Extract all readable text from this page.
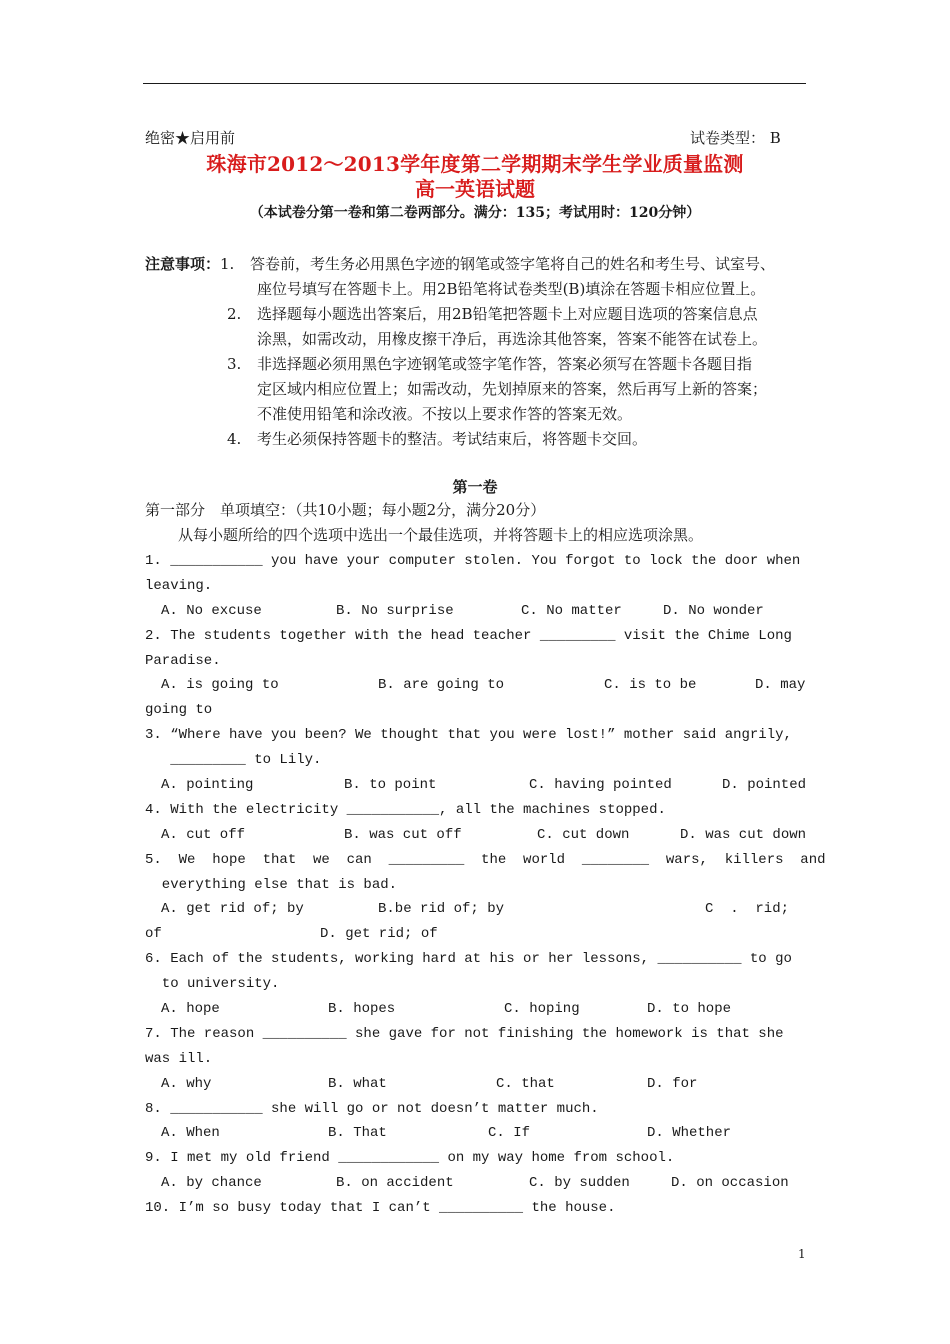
绝密★启用前	试卷类型： B
珠海市2012～2013学年度第二学期期末学生学业质量监测
高一英语试题
（本试卷分第一卷和第二卷两部分。满分：135；考试用时：120分钟）
注意事项： 1.	答卷前，考生务必用黑色字迹的钢笔或签字笔将自己的姓名和考生号、试室号、
座位号填写在答题卡上。用2B铅笔将试卷类型(B)填涂在答题卡相应位置上。
2.	选择题每小题选出答案后，用2B铅笔把答题卡上对应题目选项的答案信息点
涂黑，如需改动，用橡皮擦干净后，再选涂其他答案，答案不能答在试卷上。
3.	非选择题必须用黑色字迹钢笔或签字笔作答，答案必须写在答题卡各题目指
定区域内相应位置上；如需改动，先划掉原来的答案，然后再写上新的答案；
不准使用铅笔和涂改液。不按以上要求作答的答案无效。
4.	考生必须保持答题卡的整洁。考试结束后，将答题卡交回。
第一卷
第一部分　单项填空：（共10小题；每小题2分，满分20分）
从每小题所给的四个选项中选出一个最佳选项，并将答题卡上的相应选项涂黑。
1. ___________ you have your computer stolen. You forgot to lock the door when
leaving.
A. No excuse	B. No surprise	C. No matter	D. No wonder
2. The students together with the head teacher _________ visit the Chime Long
Paradise.
A. is going to	B. are going to	C. is to be	D. may
going to
3. “Where have you been? We thought that you were lost!” mother said angrily,
_________ to Lily.
A. pointing	B. to point	C. having pointed	D. pointed
4. With the electricity ___________, all the machines stopped.
A. cut off	B. was cut off	C. cut down	D. was cut down
5.  We  hope  that  we  can  _________  the  world  ________  wars,  killers  and
everything else that is bad.
A. get rid of; by	B.be rid of; by	C  .  rid;
of	D. get rid; of
6. Each of the students, working hard at his or her lessons, __________ to go
to university.
A. hope	B. hopes	C. hoping	D. to hope
7. The reason __________ she gave for not finishing the homework is that she
was ill.
A. why	B. what	C. that	D. for
8. ___________ she will go or not doesn’t matter much.
A. When	B. That	C. If	D. Whether
9. I met my old friend ____________ on my way home from school.
A. by chance	B. on accident	C. by sudden	D. on occasion
10. I’m so busy today that I can’t __________ the house.
1
